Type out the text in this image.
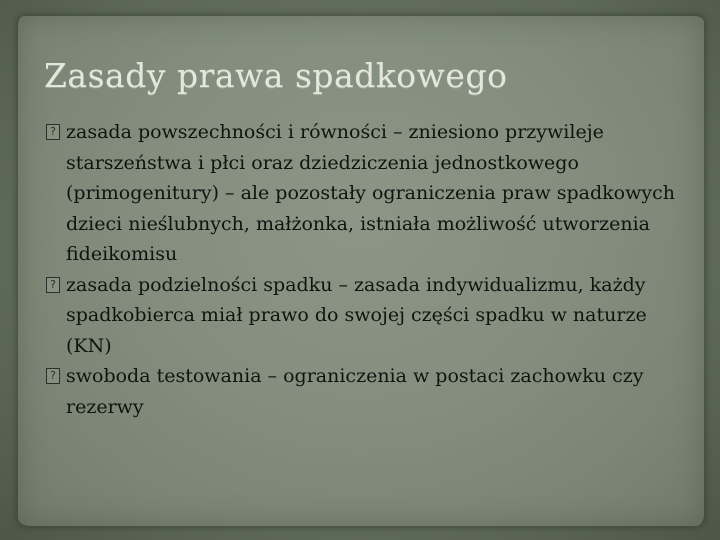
Zasady prawa spadkowego

? zasada powszechności i równości – zniesiono przywileje starszeństwa i płci oraz dziedziczenia jednostkowego (primogenitury) – ale pozostały ograniczenia praw spadkowych dzieci nieślubnych, małżonka, istniała możliwość utworzenia fideikomisu

? zasada podzielności spadku – zasada indywidualizmu, każdy spadkobierca miał prawo do swojej części spadku w naturze (KN)

? swoboda testowania – ograniczenia w postaci zachowku czy rezerwy
